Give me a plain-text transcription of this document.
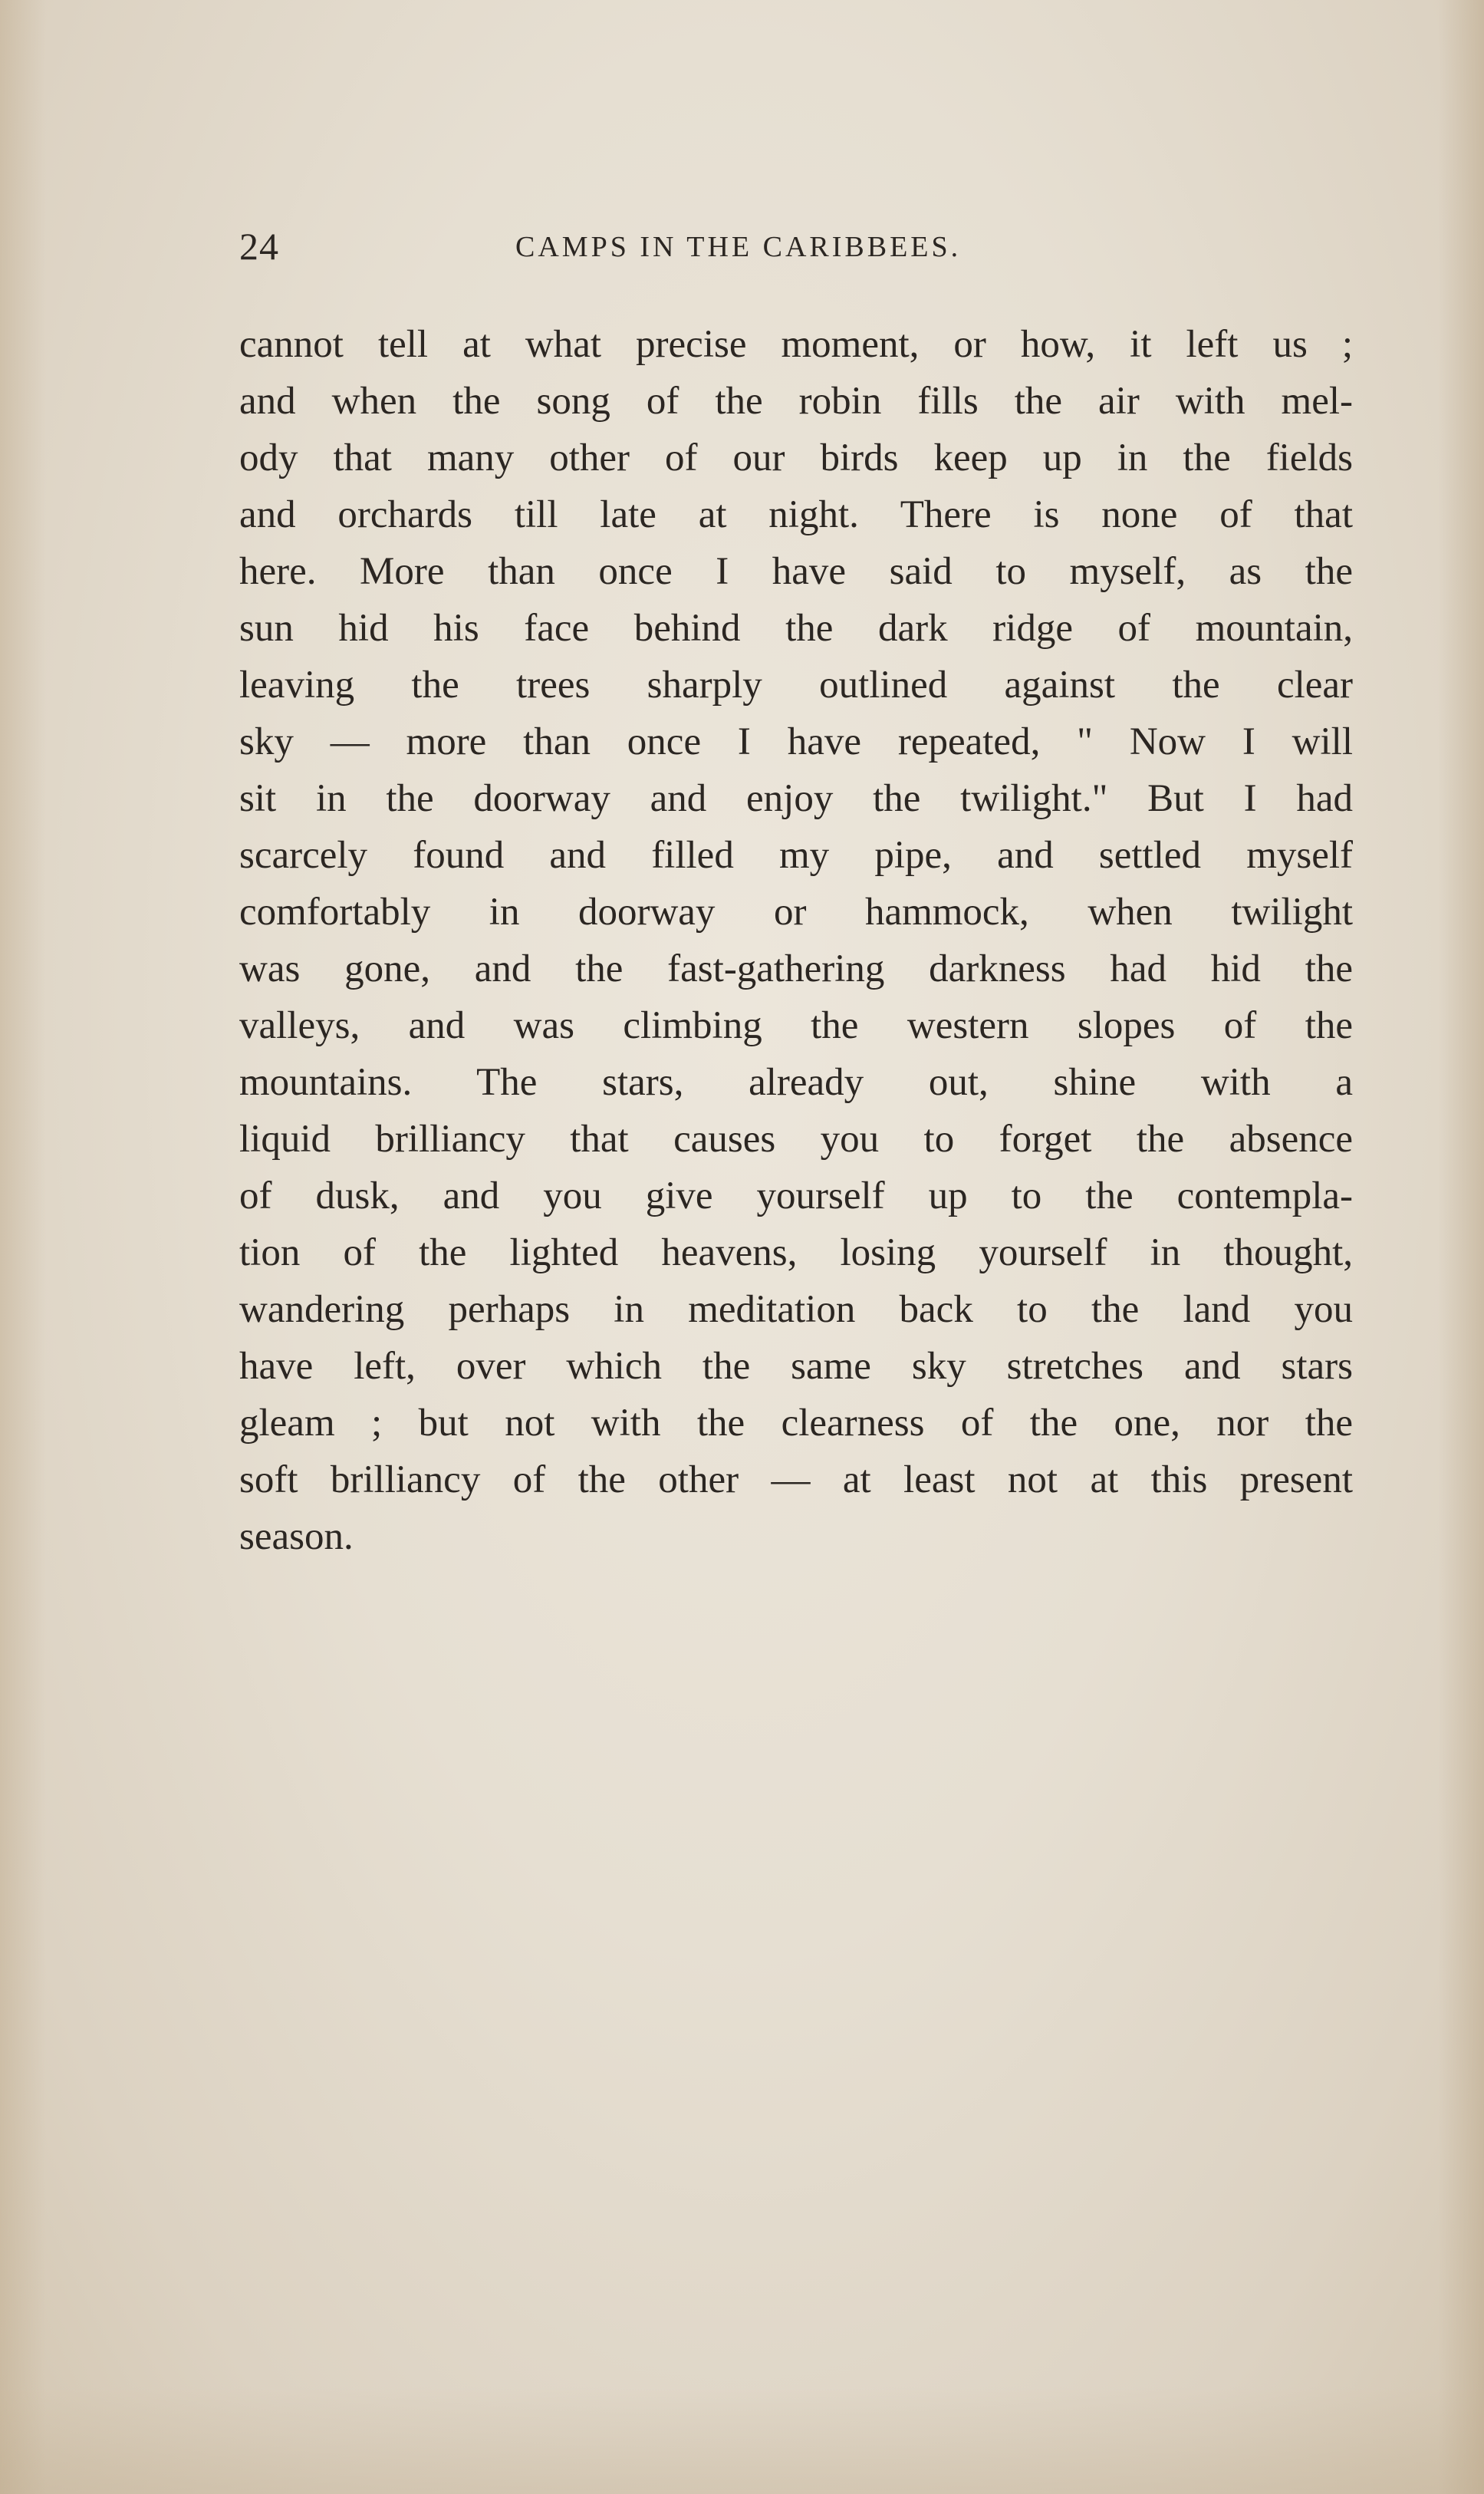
24	CAMPS IN THE CARIBBEES.
cannot tell at what precise moment, or how, it left us ;
and when the song of the robin fills the air with mel-
ody that many other of our birds keep up in the fields
and orchards till late at night. There is none of that
here. More than once I have said to myself, as the
sun hid his face behind the dark ridge of mountain,
leaving the trees sharply outlined against the clear
sky — more than once I have repeated, " Now I will
sit in the doorway and enjoy the twilight." But I had
scarcely found and filled my pipe, and settled myself
comfortably in doorway or hammock, when twilight
was gone, and the fast-gathering darkness had hid the
valleys, and was climbing the western slopes of the
mountains. The stars, already out, shine with a
liquid brilliancy that causes you to forget the absence
of dusk, and you give yourself up to the contempla-
tion of the lighted heavens, losing yourself in thought,
wandering perhaps in meditation back to the land you
have left, over which the same sky stretches and stars
gleam ; but not with the clearness of the one, nor the
soft brilliancy of the other — at least not at this present
season.
